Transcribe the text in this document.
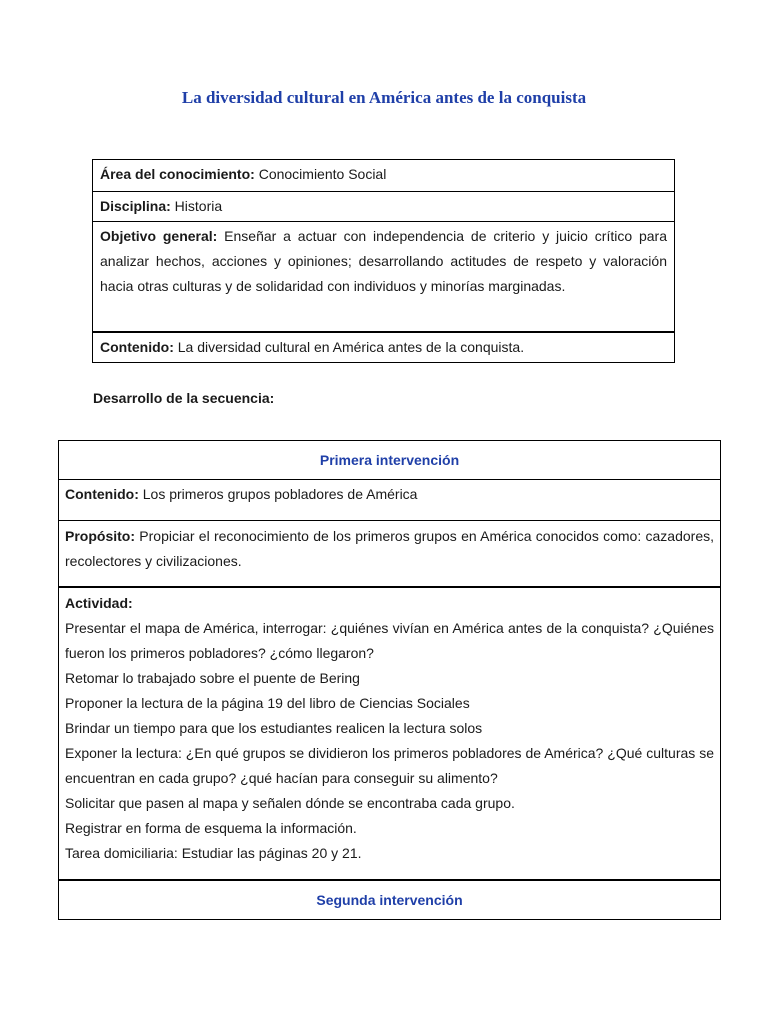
La diversidad cultural en América antes de la conquista
Área del conocimiento: Conocimiento Social
Disciplina: Historia
Objetivo general: Enseñar a actuar con independencia de criterio y juicio crítico para analizar hechos, acciones y opiniones; desarrollando actitudes de respeto y valoración hacia otras culturas y de solidaridad con individuos y minorías marginadas.
Contenido: La diversidad cultural en América antes de la conquista.
Desarrollo de la secuencia:
Primera intervención
Contenido: Los primeros grupos pobladores de América
Propósito: Propiciar el reconocimiento de los primeros grupos en América conocidos como: cazadores, recolectores y civilizaciones.

Actividad:
Presentar el mapa de América, interrogar: ¿quiénes vivían en América antes de la conquista? ¿Quiénes fueron los primeros pobladores? ¿cómo llegaron?
Retomar lo trabajado sobre el puente de Bering
Proponer la lectura de la página 19 del libro de Ciencias Sociales
Brindar un tiempo para que los estudiantes realicen la lectura solos
Exponer la lectura: ¿En qué grupos se dividieron los primeros pobladores de América? ¿Qué culturas se encuentran en cada grupo? ¿qué hacían para conseguir su alimento?
Solicitar que pasen al mapa y señalen dónde se encontraba cada grupo.
Registrar en forma de esquema la información.
Tarea domiciliaria: Estudiar las páginas 20 y 21.

Segunda intervención
